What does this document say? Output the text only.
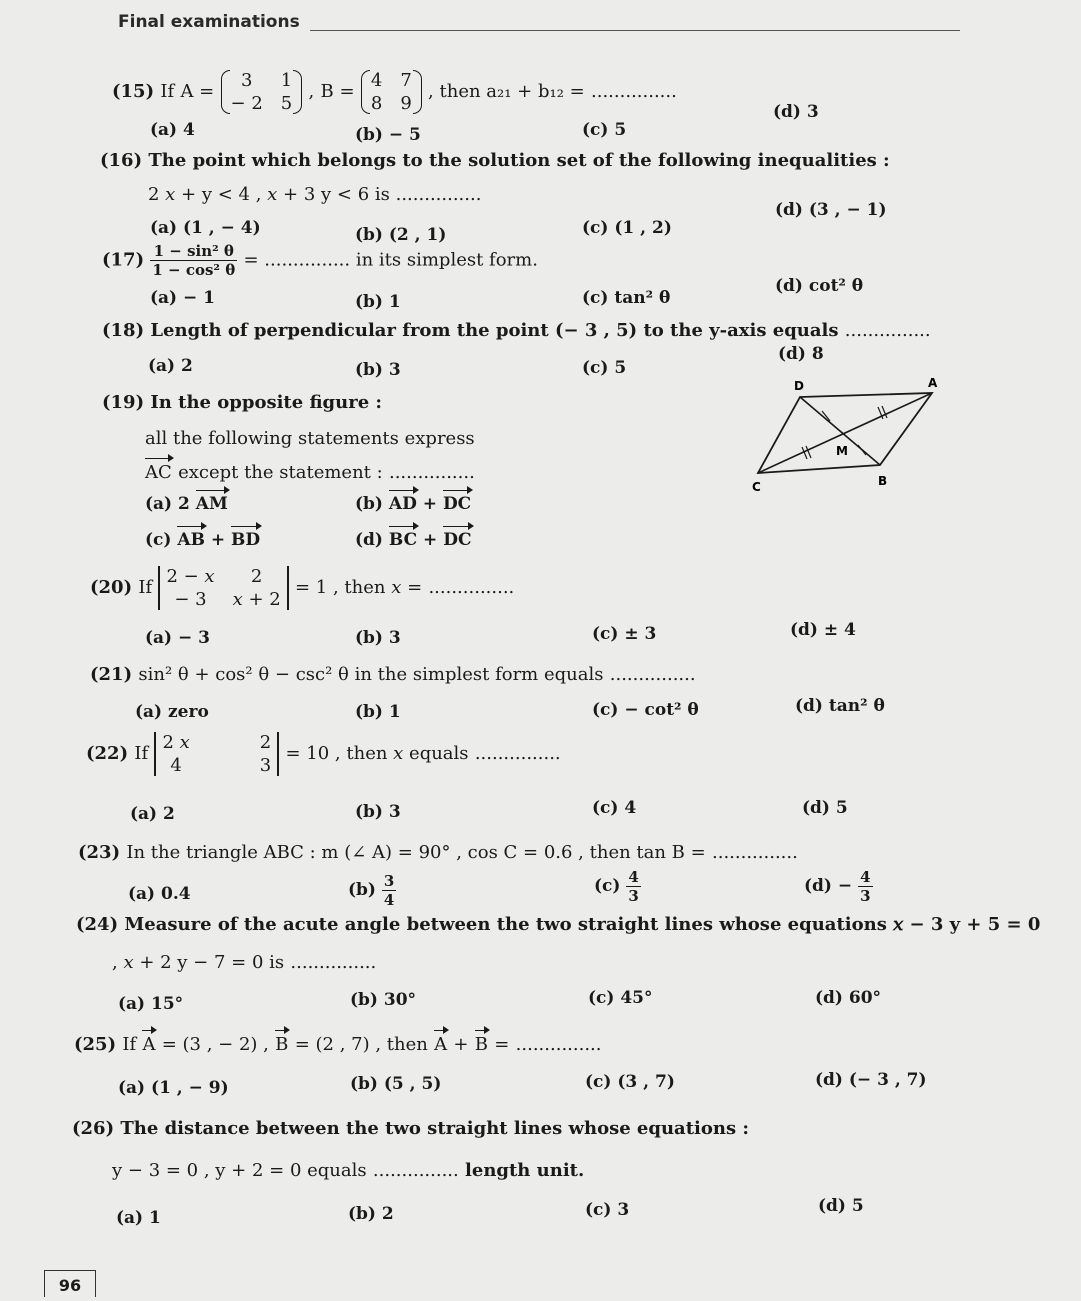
Final examinations
(15) If A =
3	1
− 2 5
, B =
4 7
8 9
, then a₂₁ + b₁₂ = ...............
(a) 4	(b) − 5	(c) 5
(d) 3
(16) The point which belongs to the solution set of the following inequalities :
2 𝑥 + y < 4 , 𝑥 + 3 y < 6 is ...............
(a) (1 , − 4)	(b) (2 , 1)	(c) (1 , 2)
(d) (3 , − 1)
$(17) \frac{\text{1 − sin² θ}}{\text{1 − cos² θ}}$ = ............... in its simplest form.
(a) − 1	(b) 1	(c) tan² θ
(d) cot² θ
(18) Length of perpendicular from the point (− 3 , 5) to the y-axis equals ...............
(a) 2	(b) 3	(c) 5
(d) 8
(19) In the opposite figure :
all the following statements express
AC except the statement : ...............
(a) 2 AM	(b) AD + DC
(c) AB + BD	(d) BC + DC
D	A
C	B
M
(20) If
2 − 𝑥	2
− 3	𝑥 + 2
= 1 , then 𝑥 = ...............
(a) − 3	(b) 3	(c) ± 3	(d) ± 4
(21) sin² θ + cos² θ − csc² θ in the simplest form equals ...............
(a) zero	(b) 1	(c) − cot² θ	(d) tan² θ
(22) If
2 𝑥	2
4	3
= 10 , then 𝑥 equals ...............
(a) 2	(b) 3	(c) 4	(d) 5
(23) In the triangle ABC : m (∠ A) = 90° , cos C = 0.6 , then tan B = ...............
(a) 0.4	$(b) \frac{3}{4}$	$(c) \frac{4}{3}$	$(d) - \frac{4}{3}$
(24) Measure of the acute angle between the two straight lines whose equations 𝑥 − 3 y + 5 = 0
, 𝑥 + 2 y − 7 = 0 is ...............
(a) 15°	(b) 30°	(c) 45°	(d) 60°
(25) If A = (3 , − 2) , B = (2 , 7) , then A + B = ...............
(a) (1 , − 9)	(b) (5 , 5)	(c) (3 , 7)	(d) (− 3 , 7)
(26) The distance between the two straight lines whose equations :
y − 3 = 0 , y + 2 = 0 equals ............... length unit.
(a) 1	(b) 2	(c) 3	(d) 5
96
